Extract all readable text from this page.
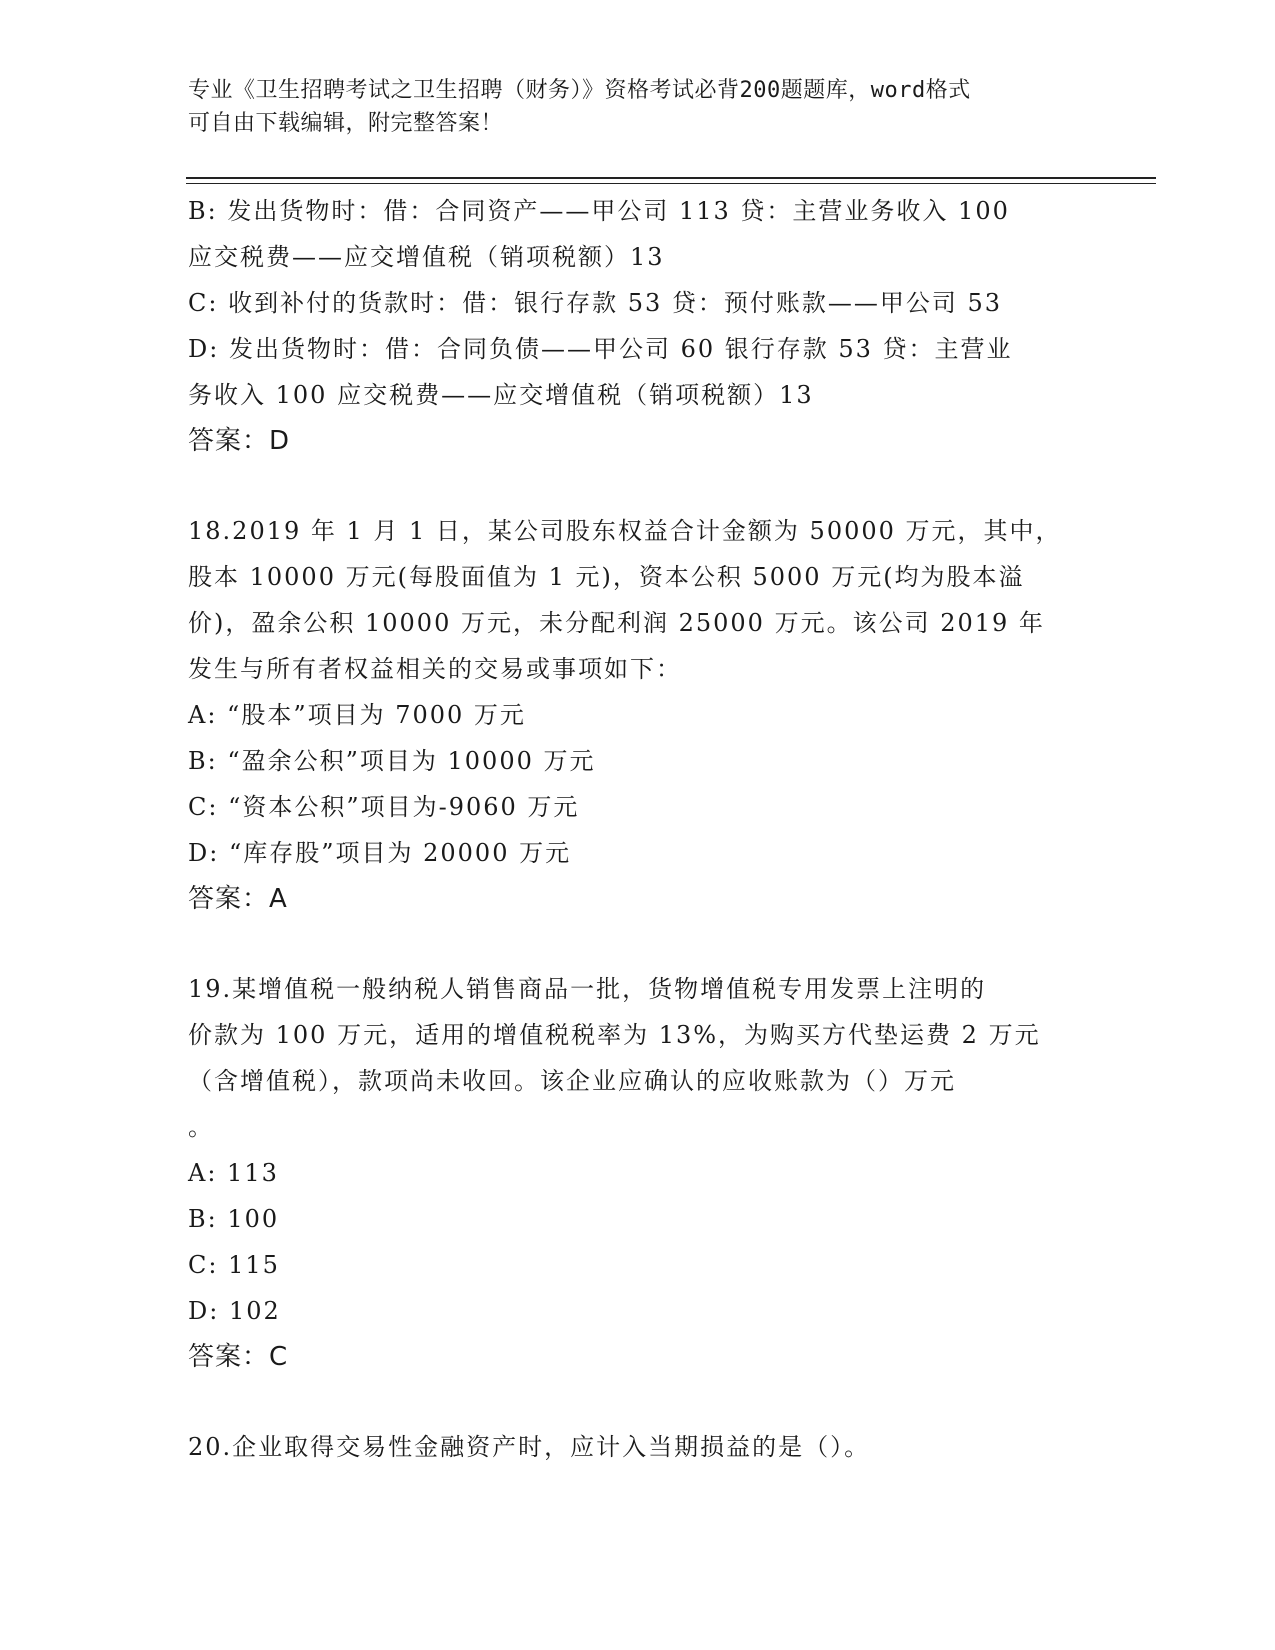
专业《卫生招聘考试之卫生招聘（财务）》资格考试必背200题题库，word格式
可自由下载编辑，附完整答案！
B: 发出货物时：借：合同资产——甲公司 113 贷：主营业务收入 100
应交税费——应交增值税（销项税额）13
C: 收到补付的货款时：借：银行存款 53 贷：预付账款——甲公司 53
D: 发出货物时：借：合同负债——甲公司 60 银行存款 53 贷：主营业
务收入 100 应交税费——应交增值税（销项税额）13
答案：D
18.2019 年 1 月 1 日，某公司股东权益合计金额为 50000 万元，其中，
股本 10000 万元(每股面值为 1 元)，资本公积 5000 万元(均为股本溢
价)，盈余公积 10000 万元，未分配利润 25000 万元。该公司 2019 年
发生与所有者权益相关的交易或事项如下：
A: “股本”项目为 7000 万元
B: “盈余公积”项目为 10000 万元
C: “资本公积”项目为-9060 万元
D: “库存股”项目为 20000 万元
答案：A
19.某增值税一般纳税人销售商品一批，货物增值税专用发票上注明的
价款为 100 万元，适用的增值税税率为 13%，为购买方代垫运费 2 万元
（含增值税），款项尚未收回。该企业应确认的应收账款为（）万元
。
A: 113
B: 100
C: 115
D: 102
答案：C
20.企业取得交易性金融资产时，应计入当期损益的是（）。
